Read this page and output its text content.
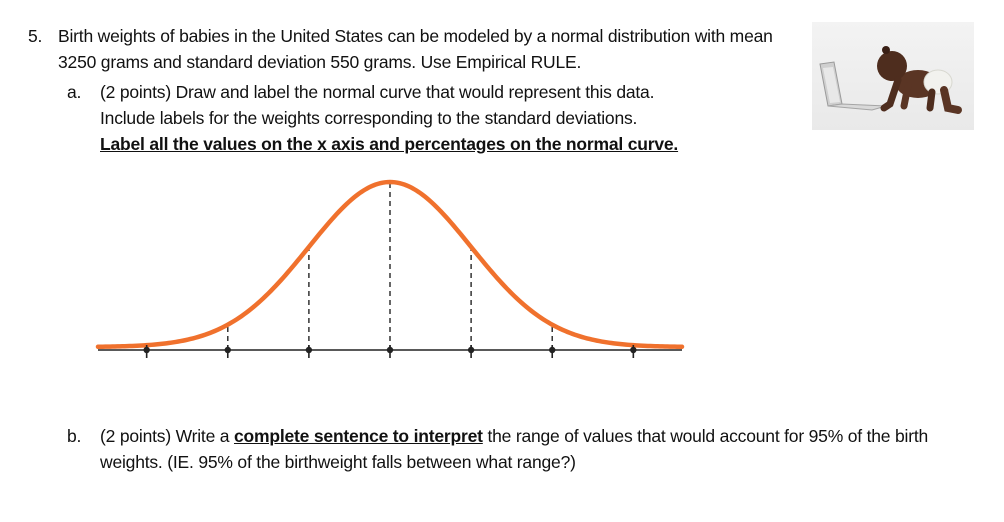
5. Birth weights of babies in the United States can be modeled by a normal distribution with mean
3250 grams and standard deviation 550 grams. Use Empirical RULE.
a. (2 points) Draw and label the normal curve that would represent this data.
Include labels for the weights corresponding to the standard deviations.
Label all the values on the x axis and percentages on the normal curve.
b. (2 points) Write a complete sentence to interpret the range of values that would account for 95% of the birth
weights. (IE. 95% of the birthweight falls between what range?)
